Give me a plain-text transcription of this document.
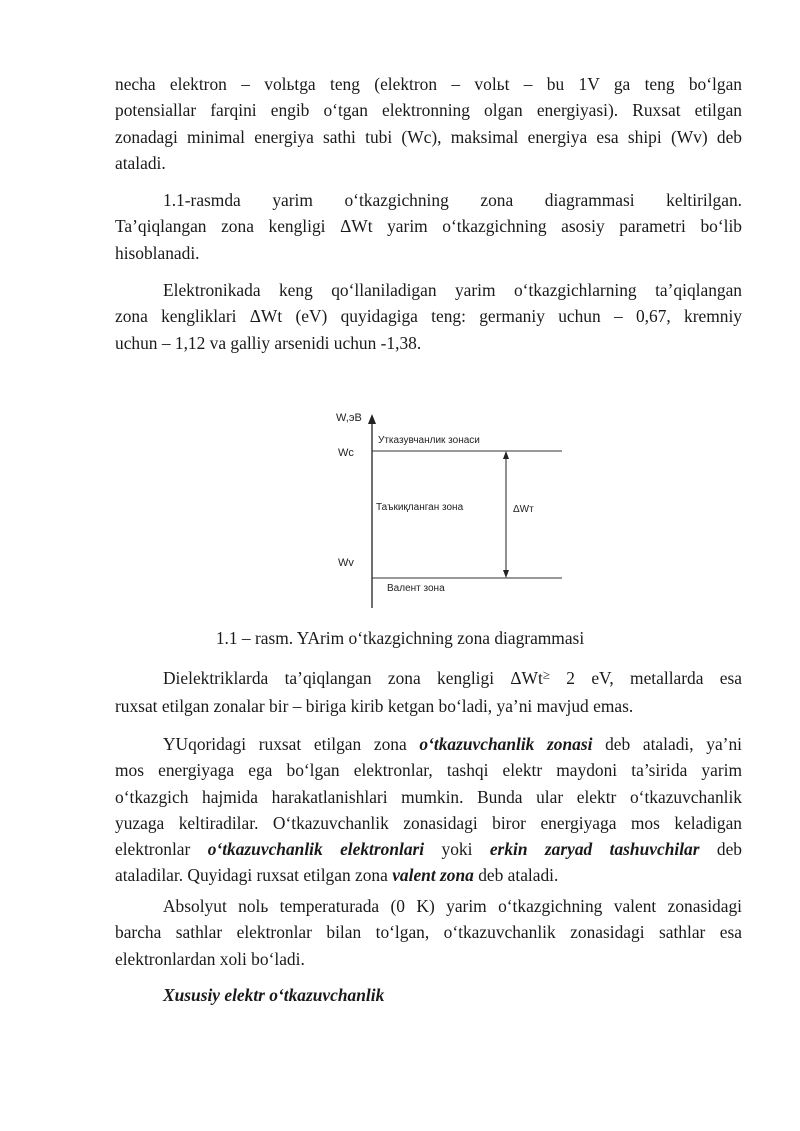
necha elektron – volьtga teng (elektron – volьt – bu 1V ga teng bo‘lgan
potensiallar farqini engib o‘tgan elektronning olgan energiyasi). Ruxsat etilgan
zonadagi minimal energiya sathi tubi (Wc), maksimal energiya esa shipi (Wv) deb
ataladi.

1.1-rasmda yarim o‘tkazgichning zona diagrammasi keltirilgan.
Ta’qiqlangan zona kengligi ΔWt yarim o‘tkazgichning asosiy parametri bo‘lib
hisoblanadi.

Elektronikada keng qo‘llaniladigan yarim o‘tkazgichlarning ta’qiqlangan
zona kengliklari ΔWt (eV) quyidagiga teng: germaniy uchun – 0,67, kremniy
uchun – 1,12 va galliy arsenidi uchun -1,38.

W,эВ
Wc
Утказувчанлик зонаси
Таъкиқланган зона
Wv
Валент зона
ΔWт
1.1 – rasm. YArim o‘tkazgichning zona diagrammasi

Dielektriklarda ta’qiqlangan zona kengligi ΔWt≥ 2 eV, metallarda esa
ruxsat etilgan zonalar bir – biriga kirib ketgan bo‘ladi, ya’ni mavjud emas.

YUqoridagi ruxsat etilgan zona o‘tkazuvchanlik zonasi deb ataladi, ya’ni
mos energiyaga ega bo‘lgan elektronlar, tashqi elektr maydoni ta’sirida yarim
o‘tkazgich hajmida harakatlanishlari mumkin. Bunda ular elektr o‘tkazuvchanlik
yuzaga keltiradilar. O‘tkazuvchanlik zonasidagi biror energiyaga mos keladigan
elektronlar o‘tkazuvchanlik elektronlari yoki erkin zaryad tashuvchilar deb
ataladilar. Quyidagi ruxsat etilgan zona valent zona deb ataladi.

Absolyut nolь temperaturada (0 K) yarim o‘tkazgichning valent zonasidagi
barcha sathlar elektronlar bilan to‘lgan, o‘tkazuvchanlik zonasidagi sathlar esa
elektronlardan xoli bo‘ladi.

Xususiy elektr o‘tkazuvchanlik
